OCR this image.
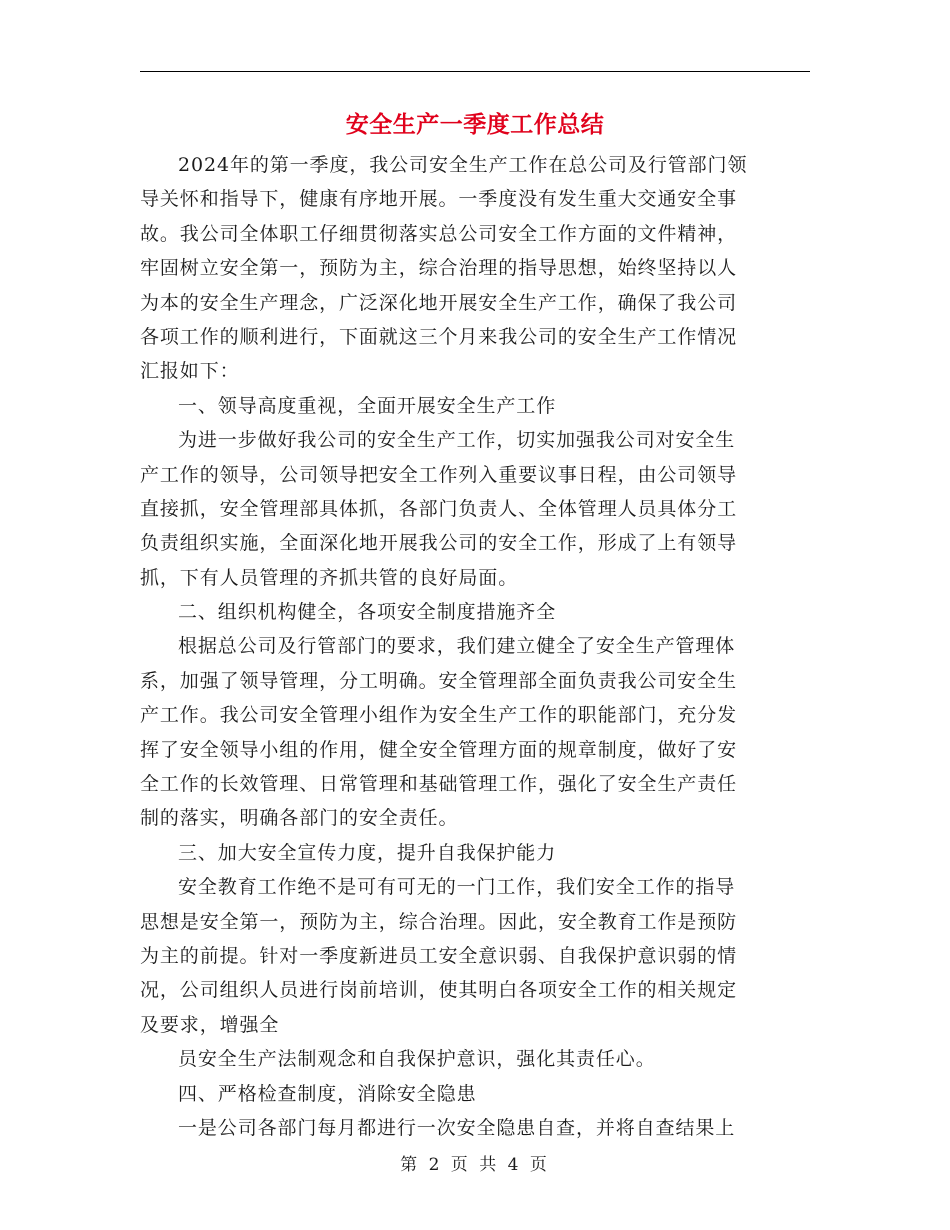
安全生产一季度工作总结
2024年的第一季度，我公司安全生产工作在总公司及行管部门领
导关怀和指导下，健康有序地开展。一季度没有发生重大交通安全事
故。我公司全体职工仔细贯彻落实总公司安全工作方面的文件精神，
牢固树立安全第一，预防为主，综合治理的指导思想，始终坚持以人
为本的安全生产理念，广泛深化地开展安全生产工作，确保了我公司
各项工作的顺利进行，下面就这三个月来我公司的安全生产工作情况
汇报如下：
一、领导高度重视，全面开展安全生产工作
为进一步做好我公司的安全生产工作，切实加强我公司对安全生
产工作的领导，公司领导把安全工作列入重要议事日程，由公司领导
直接抓，安全管理部具体抓，各部门负责人、全体管理人员具体分工
负责组织实施，全面深化地开展我公司的安全工作，形成了上有领导
抓，下有人员管理的齐抓共管的良好局面。
二、组织机构健全，各项安全制度措施齐全
根据总公司及行管部门的要求，我们建立健全了安全生产管理体
系，加强了领导管理，分工明确。安全管理部全面负责我公司安全生
产工作。我公司安全管理小组作为安全生产工作的职能部门，充分发
挥了安全领导小组的作用，健全安全管理方面的规章制度，做好了安
全工作的长效管理、日常管理和基础管理工作，强化了安全生产责任
制的落实，明确各部门的安全责任。
三、加大安全宣传力度，提升自我保护能力
安全教育工作绝不是可有可无的一门工作，我们安全工作的指导
思想是安全第一，预防为主，综合治理。因此，安全教育工作是预防
为主的前提。针对一季度新进员工安全意识弱、自我保护意识弱的情
况，公司组织人员进行岗前培训，使其明白各项安全工作的相关规定
及要求，增强全
员安全生产法制观念和自我保护意识，强化其责任心。
四、严格检查制度，消除安全隐患
一是公司各部门每月都进行一次安全隐患自查，并将自查结果上
第 2 页 共 4 页
